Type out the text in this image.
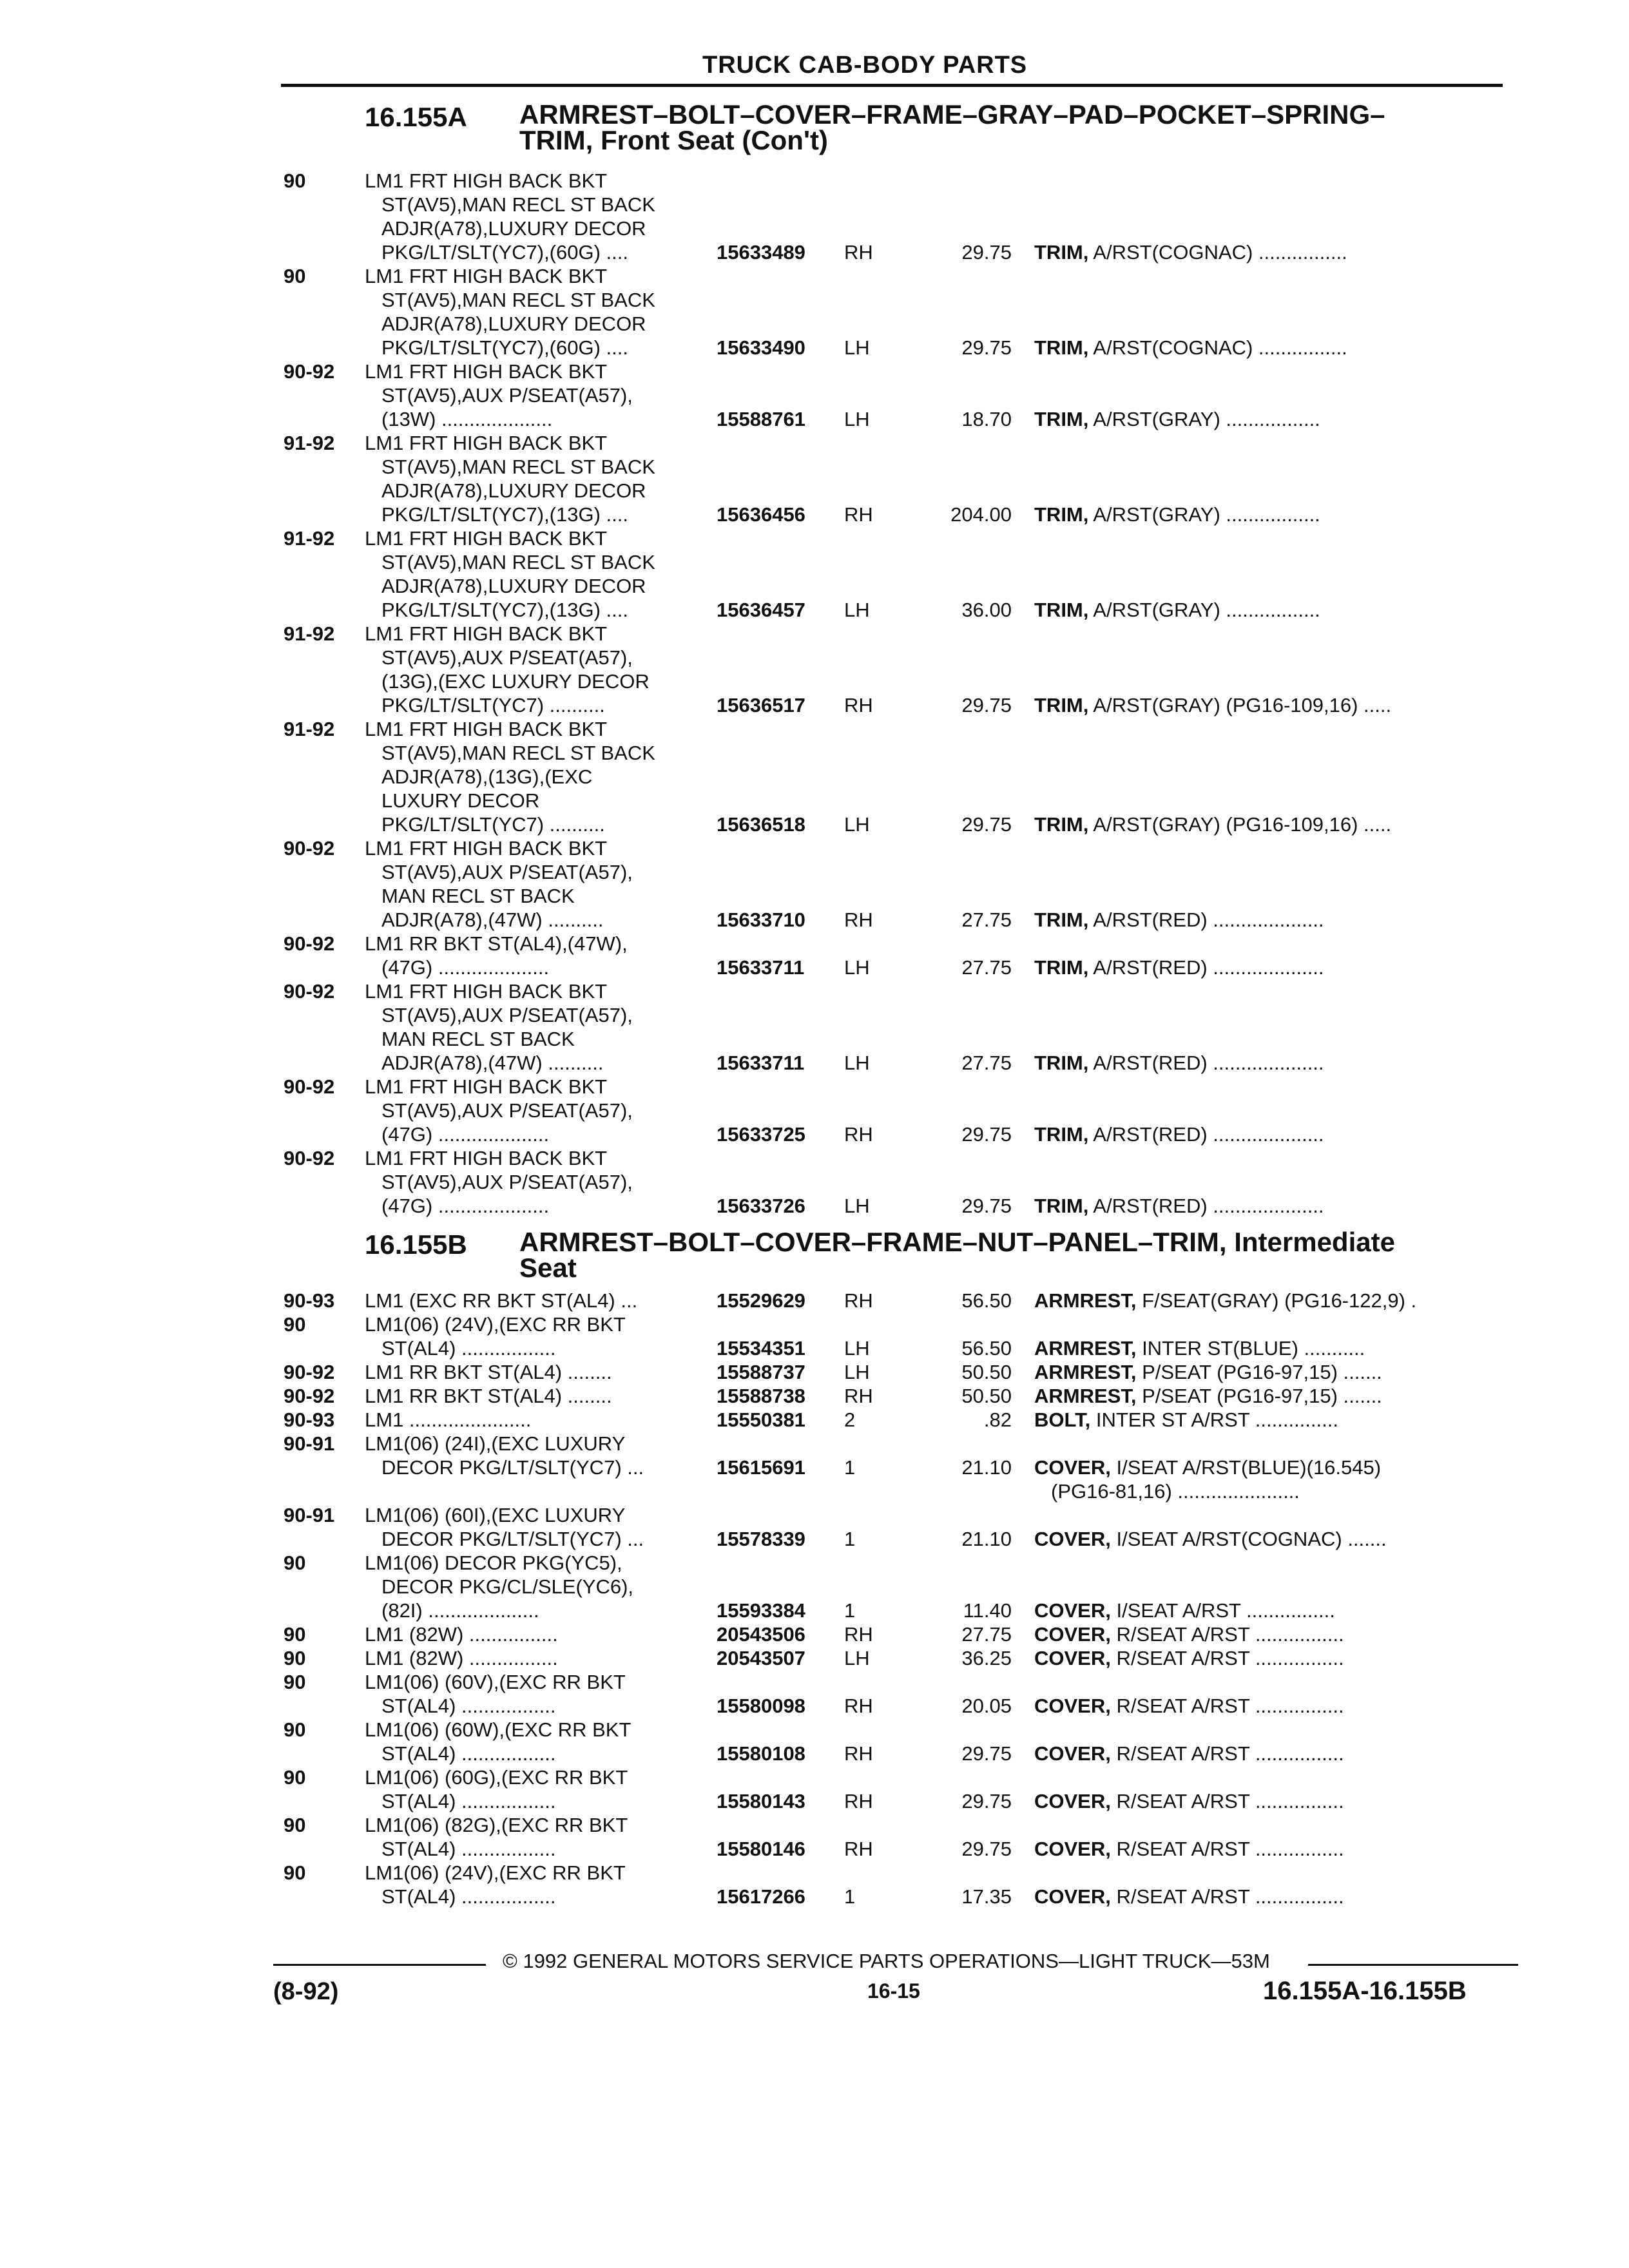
TRUCK CAB-BODY PARTS
16.155A ARMREST–BOLT–COVER–FRAME–GRAY–PAD–POCKET–SPRING–
TRIM, Front Seat (Con't)
90	LM1 FRT HIGH BACK BKT
ST(AV5),MAN RECL ST BACK
ADJR(A78),LUXURY DECOR
PKG/LT/SLT(YC7),(60G) ....	15633489 RH	29.75 TRIM, A/RST(COGNAC) ................
90	LM1 FRT HIGH BACK BKT
ST(AV5),MAN RECL ST BACK
ADJR(A78),LUXURY DECOR
PKG/LT/SLT(YC7),(60G) ....	15633490 LH	29.75 TRIM, A/RST(COGNAC) ................
90-92 LM1 FRT HIGH BACK BKT
ST(AV5),AUX P/SEAT(A57),
(13W) ....................	15588761 LH	18.70 TRIM, A/RST(GRAY) .................
91-92 LM1 FRT HIGH BACK BKT
ST(AV5),MAN RECL ST BACK
ADJR(A78),LUXURY DECOR
PKG/LT/SLT(YC7),(13G) ....	15636456 RH	204.00 TRIM, A/RST(GRAY) .................
91-92 LM1 FRT HIGH BACK BKT
ST(AV5),MAN RECL ST BACK
ADJR(A78),LUXURY DECOR
PKG/LT/SLT(YC7),(13G) ....	15636457 LH	36.00 TRIM, A/RST(GRAY) .................
91-92 LM1 FRT HIGH BACK BKT
ST(AV5),AUX P/SEAT(A57),
(13G),(EXC LUXURY DECOR
PKG/LT/SLT(YC7) ..........	15636517 RH	29.75 TRIM, A/RST(GRAY) (PG16-109,16) .....
91-92 LM1 FRT HIGH BACK BKT
ST(AV5),MAN RECL ST BACK
ADJR(A78),(13G),(EXC
LUXURY DECOR
PKG/LT/SLT(YC7) ..........	15636518 LH	29.75 TRIM, A/RST(GRAY) (PG16-109,16) .....
90-92 LM1 FRT HIGH BACK BKT
ST(AV5),AUX P/SEAT(A57),
MAN RECL ST BACK
ADJR(A78),(47W) ..........	15633710 RH	27.75 TRIM, A/RST(RED) ....................
90-92 LM1 RR BKT ST(AL4),(47W),
(47G) ....................	15633711 LH	27.75 TRIM, A/RST(RED) ....................
90-92 LM1 FRT HIGH BACK BKT
ST(AV5),AUX P/SEAT(A57),
MAN RECL ST BACK
ADJR(A78),(47W) ..........	15633711 LH	27.75 TRIM, A/RST(RED) ....................
90-92 LM1 FRT HIGH BACK BKT
ST(AV5),AUX P/SEAT(A57),
(47G) ....................	15633725 RH	29.75 TRIM, A/RST(RED) ....................
90-92 LM1 FRT HIGH BACK BKT
ST(AV5),AUX P/SEAT(A57),
(47G) ....................	15633726 LH	29.75 TRIM, A/RST(RED) ....................
16.155B ARMREST–BOLT–COVER–FRAME–NUT–PANEL–TRIM, Intermediate
Seat
90-93 LM1 (EXC RR BKT ST(AL4) ...	15529629 RH	56.50 ARMREST, F/SEAT(GRAY) (PG16-122,9) .
90	LM1(06) (24V),(EXC RR BKT
ST(AL4) .................	15534351 LH	56.50 ARMREST, INTER ST(BLUE) ...........
90-92 LM1 RR BKT ST(AL4) ........	15588737 LH	50.50 ARMREST, P/SEAT (PG16-97,15) .......
90-92 LM1 RR BKT ST(AL4) ........	15588738 RH	50.50 ARMREST, P/SEAT (PG16-97,15) .......
90-93 LM1 ......................	15550381 2	.82 BOLT, INTER ST A/RST ...............
90-91 LM1(06) (24I),(EXC LUXURY
DECOR PKG/LT/SLT(YC7) ...	15615691 1	21.10 COVER, I/SEAT A/RST(BLUE)(16.545)
(PG16-81,16) ......................
90-91 LM1(06) (60I),(EXC LUXURY
DECOR PKG/LT/SLT(YC7) ...	15578339 1	21.10 COVER, I/SEAT A/RST(COGNAC) .......
90	LM1(06) DECOR PKG(YC5),
DECOR PKG/CL/SLE(YC6),
(82I) ....................	15593384 1	11.40 COVER, I/SEAT A/RST ................
90	LM1 (82W) ................	20543506 RH	27.75 COVER, R/SEAT A/RST ................
90	LM1 (82W) ................	20543507 LH	36.25 COVER, R/SEAT A/RST ................
90	LM1(06) (60V),(EXC RR BKT
ST(AL4) .................	15580098 RH	20.05 COVER, R/SEAT A/RST ................
90	LM1(06) (60W),(EXC RR BKT
ST(AL4) .................	15580108 RH	29.75 COVER, R/SEAT A/RST ................
90	LM1(06) (60G),(EXC RR BKT
ST(AL4) .................	15580143 RH	29.75 COVER, R/SEAT A/RST ................
90	LM1(06) (82G),(EXC RR BKT
ST(AL4) .................	15580146 RH	29.75 COVER, R/SEAT A/RST ................
90	LM1(06) (24V),(EXC RR BKT
ST(AL4) .................	15617266 1	17.35 COVER, R/SEAT A/RST ................
© 1992 GENERAL MOTORS SERVICE PARTS OPERATIONS—LIGHT TRUCK—53M
(8-92)	16-15	16.155A-16.155B
